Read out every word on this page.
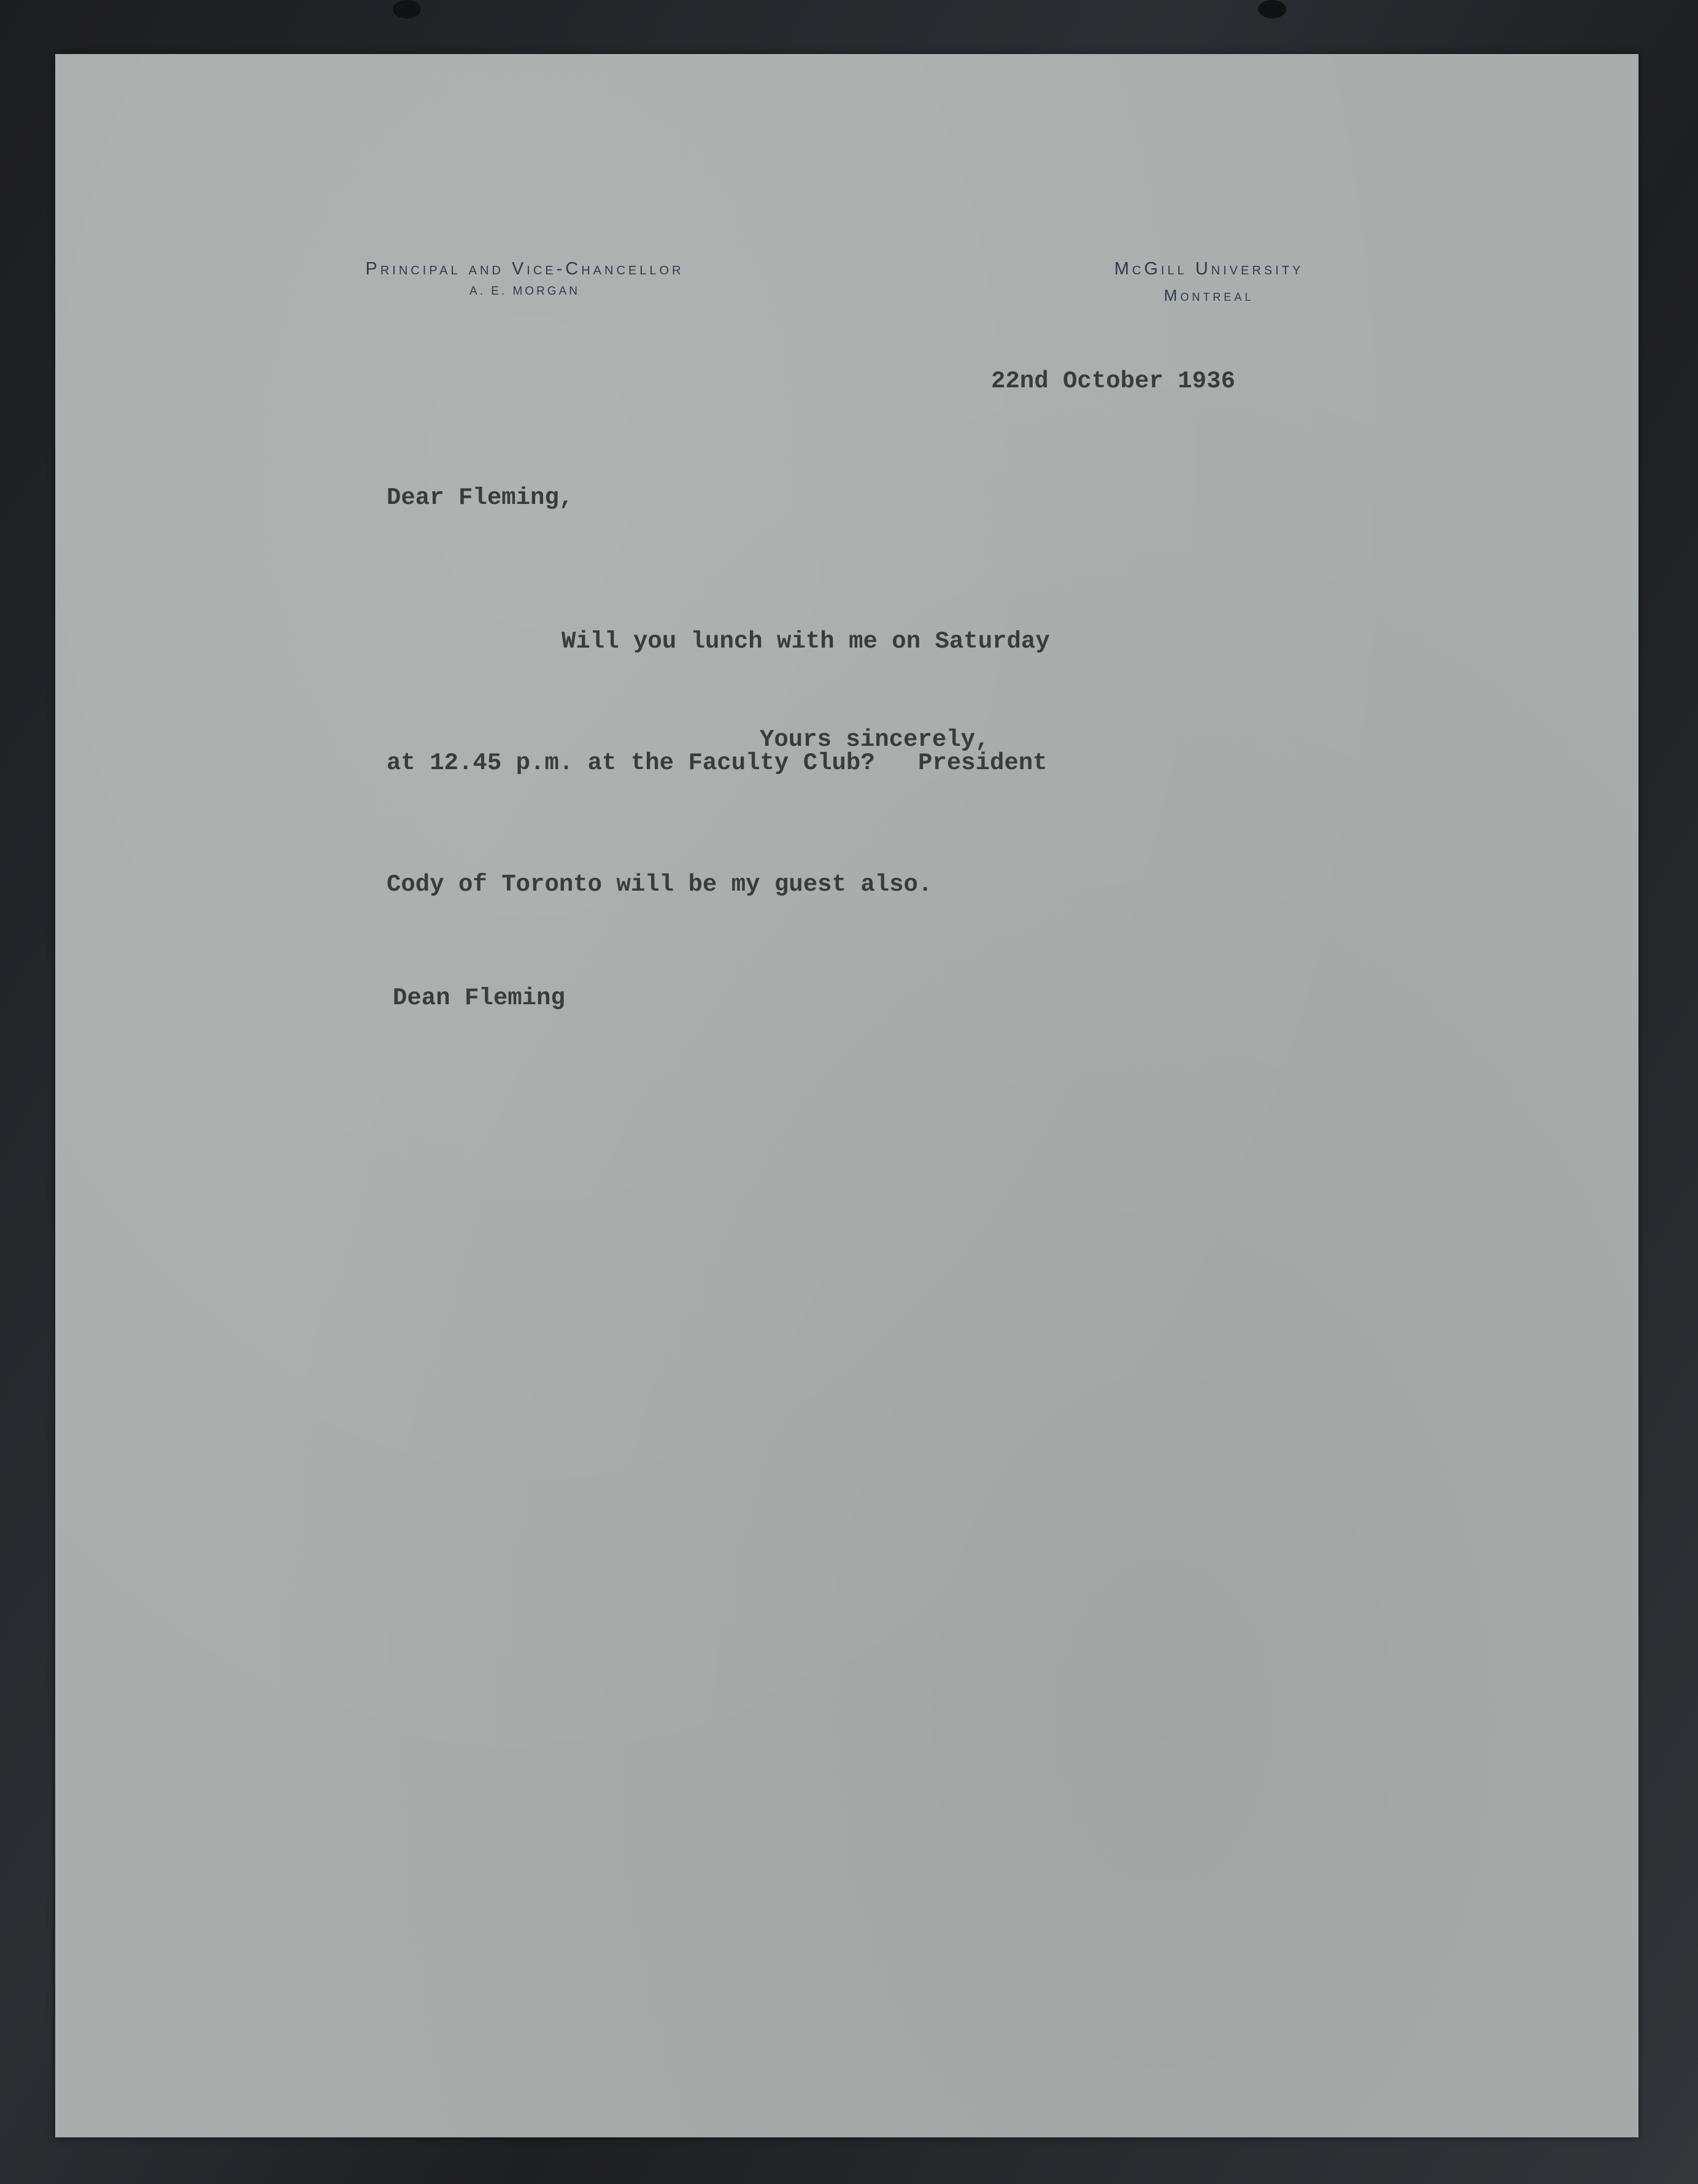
Principal and Vice-Chancellor
A. E. MORGAN
McGill University
Montreal
22nd October 1936
Dear Fleming,

Will you lunch with me on Saturday

at 12.45 p.m. at the Faculty Club?   President

Cody of Toronto will be my guest also.

Yours sincerely,
Dean Fleming
